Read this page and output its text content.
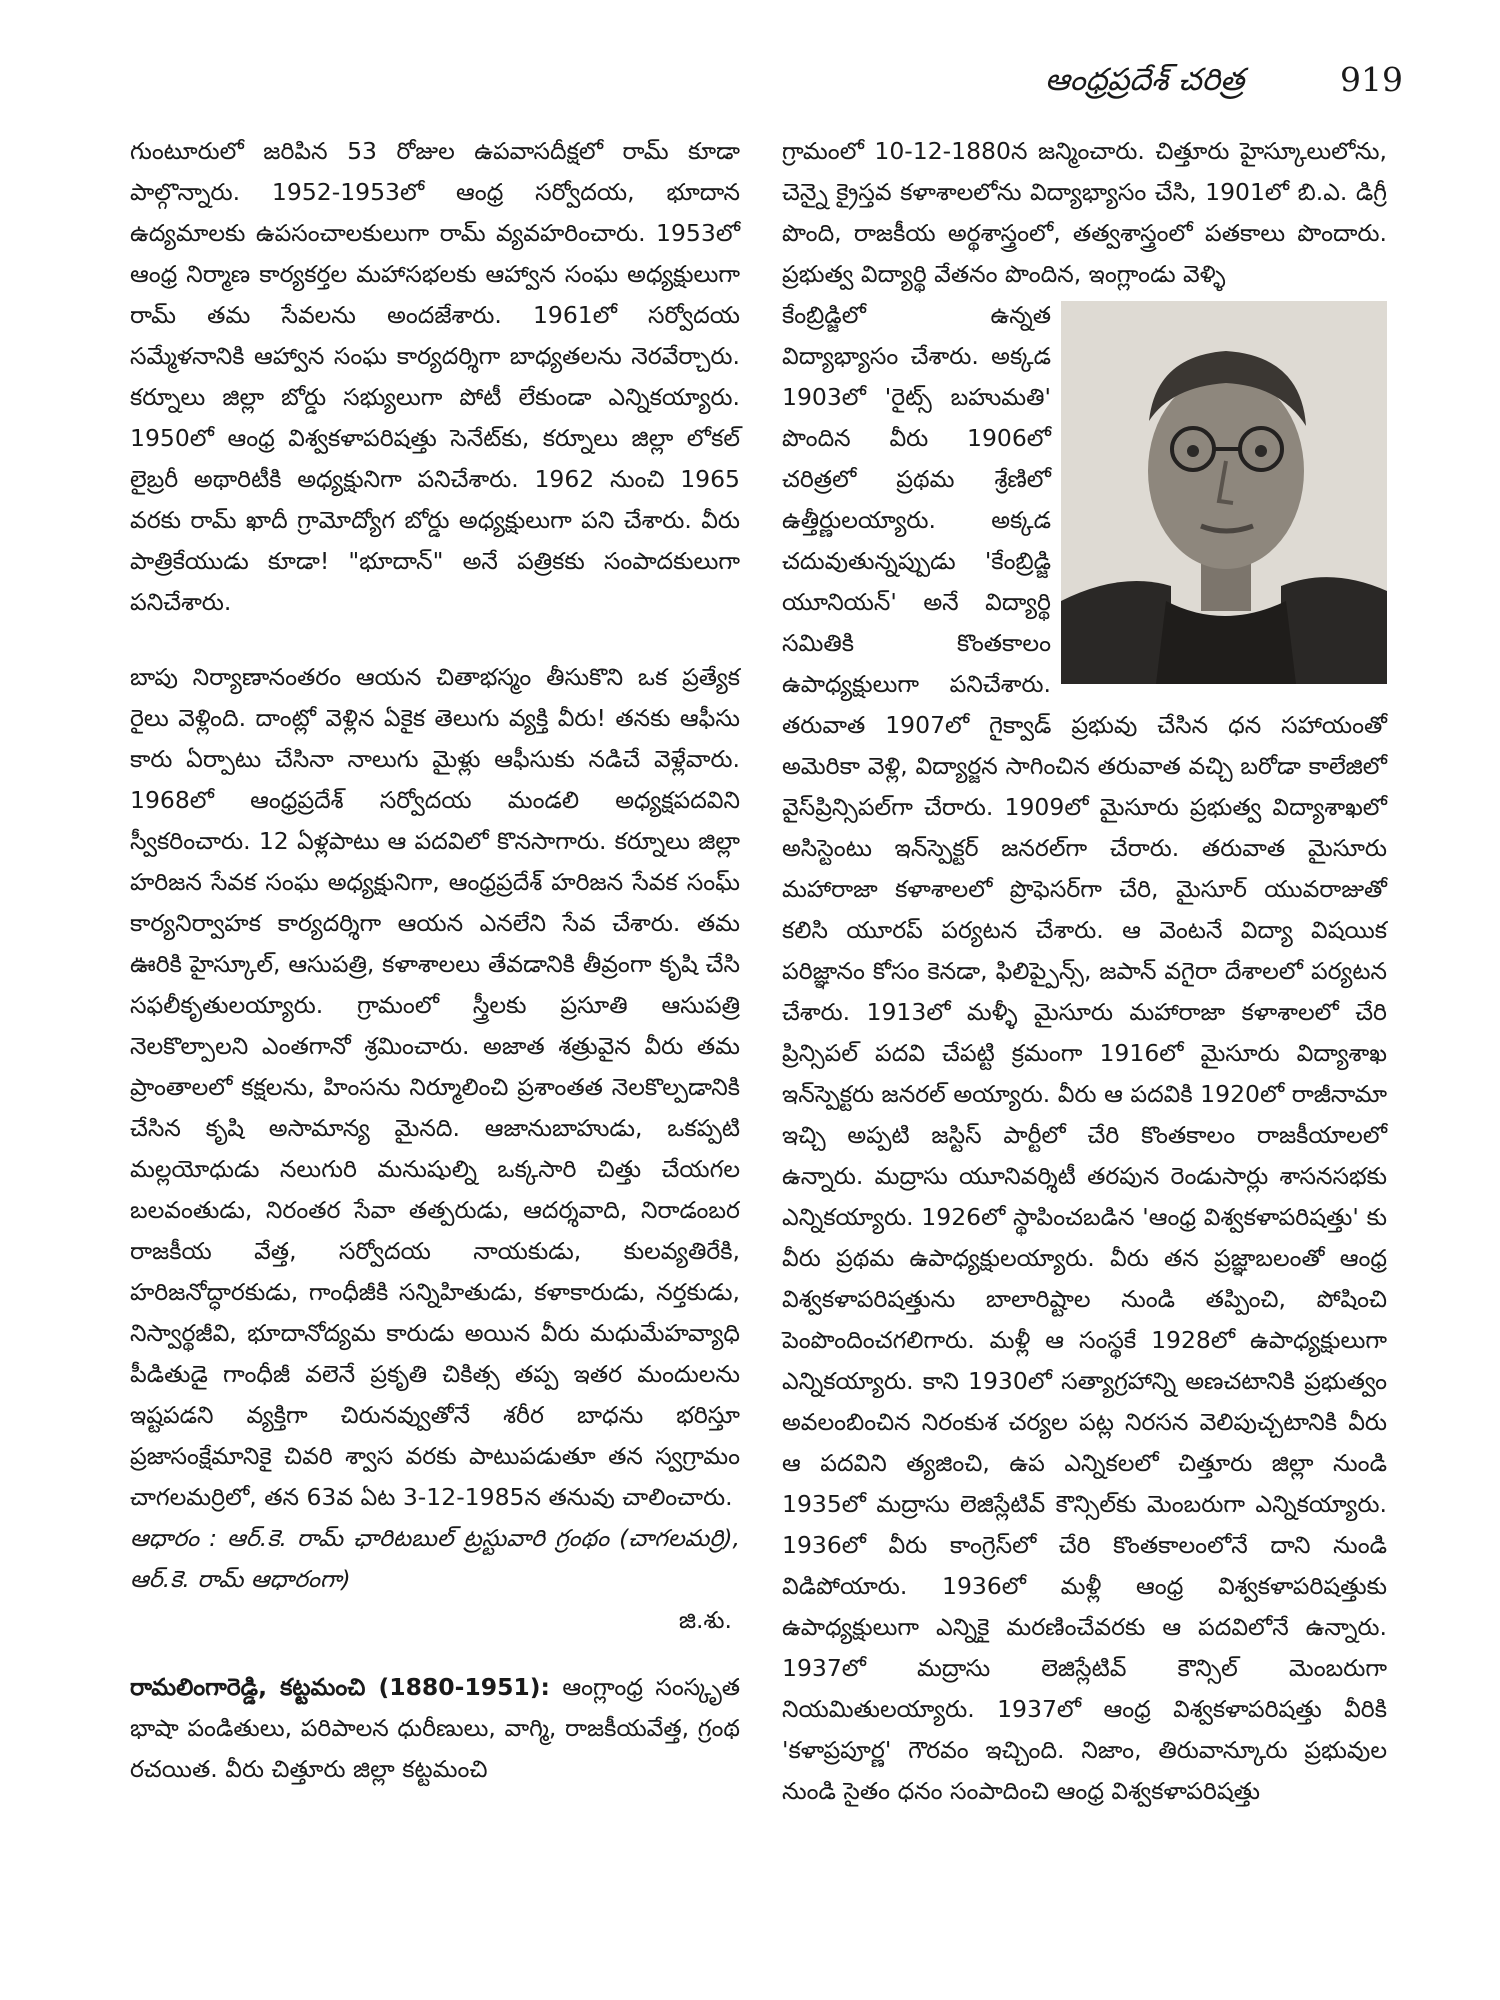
ఆంధ్రప్రదేశ్ చరిత్ర	919

గుంటూరులో జరిపిన 53 రోజుల ఉపవాసదీక్షలో రామ్ కూడా పాల్గొన్నారు. 1952-1953లో ఆంధ్ర సర్వోదయ, భూదాన ఉద్యమాలకు ఉపసంచాలకులుగా రామ్ వ్యవహరించారు. 1953లో ఆంధ్ర నిర్మాణ కార్యకర్తల మహాసభలకు ఆహ్వాన సంఘ అధ్యక్షులుగా రామ్ తమ సేవలను అందజేశారు. 1961లో సర్వోదయ సమ్మేళనానికి ఆహ్వాన సంఘ కార్యదర్శిగా బాధ్యతలను నెరవేర్చారు. కర్నూలు జిల్లా బోర్డు సభ్యులుగా పోటీ లేకుండా ఎన్నికయ్యారు. 1950లో ఆంధ్ర విశ్వకళాపరిషత్తు సెనేట్‌కు, కర్నూలు జిల్లా లోకల్ లైబ్రరీ అథారిటీకి అధ్యక్షునిగా పనిచేశారు. 1962 నుంచి 1965 వరకు రామ్ ఖాదీ గ్రామోద్యోగ బోర్డు అధ్యక్షులుగా పని చేశారు. వీరు పాత్రికేయుడు కూడా! "భూదాన్" అనే పత్రికకు సంపాదకులుగా పనిచేశారు.

బాపు నిర్యాణానంతరం ఆయన చితాభస్మం తీసుకొని ఒక ప్రత్యేక రైలు వెళ్లింది. దాంట్లో వెళ్లిన ఏకైక తెలుగు వ్యక్తి వీరు! తనకు ఆఫీసు కారు ఏర్పాటు చేసినా నాలుగు మైళ్లు ఆఫీసుకు నడిచే వెళ్లేవారు. 1968లో ఆంధ్రప్రదేశ్ సర్వోదయ మండలి అధ్యక్షపదవిని స్వీకరించారు. 12 ఏళ్లపాటు ఆ పదవిలో కొనసాగారు. కర్నూలు జిల్లా హరిజన సేవక సంఘ అధ్యక్షునిగా, ఆంధ్రప్రదేశ్ హరిజన సేవక సంఘ్ కార్యనిర్వాహక కార్యదర్శిగా ఆయన ఎనలేని సేవ చేశారు. తమ ఊరికి హైస్కూల్, ఆసుపత్రి, కళాశాలలు తేవడానికి తీవ్రంగా కృషి చేసి సఫలీకృతులయ్యారు. గ్రామంలో స్త్రీలకు ప్రసూతి ఆసుపత్రి నెలకొల్పాలని ఎంతగానో శ్రమించారు. అజాత శత్రువైన వీరు తమ ప్రాంతాలలో కక్షలను, హింసను నిర్మూలించి ప్రశాంతత నెలకొల్పడానికి చేసిన కృషి అసామాన్య మైనది. ఆజానుబాహుడు, ఒకప్పటి మల్లయోధుడు నలుగురి మనుషుల్ని ఒక్కసారి చిత్తు చేయగల బలవంతుడు, నిరంతర సేవా తత్పరుడు, ఆదర్శవాది, నిరాడంబర రాజకీయ వేత్త, సర్వోదయ నాయకుడు, కులవ్యతిరేకి, హరిజనోద్ధారకుడు, గాంధీజీకి సన్నిహితుడు, కళాకారుడు, నర్తకుడు, నిస్వార్థజీవి, భూదానోద్యమ కారుడు అయిన వీరు మధుమేహవ్యాధి పీడితుడై గాంధీజీ వలెనే ప్రకృతి చికిత్స తప్ప ఇతర మందులను ఇష్టపడని వ్యక్తిగా చిరునవ్వుతోనే శరీర బాధను భరిస్తూ ప్రజాసంక్షేమానికై చివరి శ్వాస వరకు పాటుపడుతూ తన స్వగ్రామం చాగలమర్రిలో, తన 63వ ఏట 3-12-1985న తనువు చాలించారు.

ఆధారం : ఆర్.కె. రామ్ ఛారిటబుల్ ట్రస్టువారి గ్రంథం (చాగలమర్రి), ఆర్.కె. రామ్ ఆధారంగా)

జి.శు.

రామలింగారెడ్డి, కట్టమంచి (1880-1951): ఆంగ్లాంధ్ర సంస్కృత భాషా పండితులు, పరిపాలన ధురీణులు, వాగ్మి, రాజకీయవేత్త, గ్రంథ రచయిత. వీరు చిత్తూరు జిల్లా కట్టమంచి

గ్రామంలో 10-12-1880న జన్మించారు. చిత్తూరు హైస్కూలులోను, చెన్నై క్రైస్తవ కళాశాలలోను విద్యాభ్యాసం చేసి, 1901లో బి.ఎ. డిగ్రీ పొంది, రాజకీయ అర్థశాస్త్రంలో, తత్వశాస్త్రంలో పతకాలు పొందారు. ప్రభుత్వ విద్యార్థి వేతనం పొందిన, ఇంగ్లాండు వెళ్ళి

కేంబ్రిడ్జిలో ఉన్నత విద్యాభ్యాసం చేశారు. అక్కడ 1903లో 'రైట్స్ బహుమతి' పొందిన వీరు 1906లో చరిత్రలో ప్రథమ శ్రేణిలో ఉత్తీర్ణులయ్యారు. అక్కడ చదువుతున్నప్పుడు 'కేంబ్రిడ్జి యూనియన్' అనే విద్యార్థి సమితికి కొంతకాలం ఉపాధ్యక్షులుగా పనిచేశారు. తరువాత 1907లో గైక్వాడ్ ప్రభువు చేసిన ధన సహాయంతో అమెరికా వెళ్లి, విద్యార్జన సాగించిన తరువాత వచ్చి బరోడా కాలేజిలో వైస్‌ప్రిన్సిపల్‌గా చేరారు. 1909లో మైసూరు ప్రభుత్వ విద్యాశాఖలో అసిస్టెంటు ఇన్‌స్పెక్టర్ జనరల్‌గా చేరారు. తరువాత మైసూరు మహారాజా కళాశాలలో ప్రొఫెసర్‌గా చేరి, మైసూర్ యువరాజుతో కలిసి యూరప్ పర్యటన చేశారు. ఆ వెంటనే విద్యా విషయిక పరిజ్ఞానం కోసం కెనడా, ఫిలిప్పైన్స్, జపాన్ వగైరా దేశాలలో పర్యటన చేశారు. 1913లో మళ్ళీ మైసూరు మహారాజా కళాశాలలో చేరి ప్రిన్సిపల్ పదవి చేపట్టి క్రమంగా 1916లో మైసూరు విద్యాశాఖ ఇన్‌స్పెక్టరు జనరల్ అయ్యారు. వీరు ఆ పదవికి 1920లో రాజీనామా ఇచ్చి అప్పటి జస్టిస్ పార్టీలో చేరి కొంతకాలం రాజకీయాలలో ఉన్నారు. మద్రాసు యూనివర్శిటీ తరపున రెండుసార్లు శాసనసభకు ఎన్నికయ్యారు. 1926లో స్థాపించబడిన 'ఆంధ్ర విశ్వకళాపరిషత్తు' కు వీరు ప్రథమ ఉపాధ్యక్షులయ్యారు. వీరు తన ప్రజ్ఞాబలంతో ఆంధ్ర విశ్వకళాపరిషత్తును బాలారిష్టాల నుండి తప్పించి, పోషించి పెంపొందించగలిగారు. మళ్లీ ఆ సంస్థకే 1928లో ఉపాధ్యక్షులుగా ఎన్నికయ్యారు. కాని 1930లో సత్యాగ్రహాన్ని అణచటానికి ప్రభుత్వం అవలంబించిన నిరంకుశ చర్యల పట్ల నిరసన వెలిపుచ్చటానికి వీరు ఆ పదవిని త్యజించి, ఉప ఎన్నికలలో చిత్తూరు జిల్లా నుండి 1935లో మద్రాసు లెజిస్లేటివ్ కౌన్సిల్‌కు మెంబరుగా ఎన్నికయ్యారు. 1936లో వీరు కాంగ్రెస్‌లో చేరి కొంతకాలంలోనే దాని నుండి విడిపోయారు. 1936లో మళ్లీ ఆంధ్ర విశ్వకళాపరిషత్తుకు ఉపాధ్యక్షులుగా ఎన్నికై మరణించేవరకు ఆ పదవిలోనే ఉన్నారు. 1937లో మద్రాసు లెజిస్లేటివ్ కౌన్సిల్ మెంబరుగా నియమితులయ్యారు. 1937లో ఆంధ్ర విశ్వకళాపరిషత్తు వీరికి 'కళాప్రపూర్ణ' గౌరవం ఇచ్చింది. నిజాం, తిరువాన్కూరు ప్రభువుల నుండి సైతం ధనం సంపాదించి ఆంధ్ర విశ్వకళాపరిషత్తు
